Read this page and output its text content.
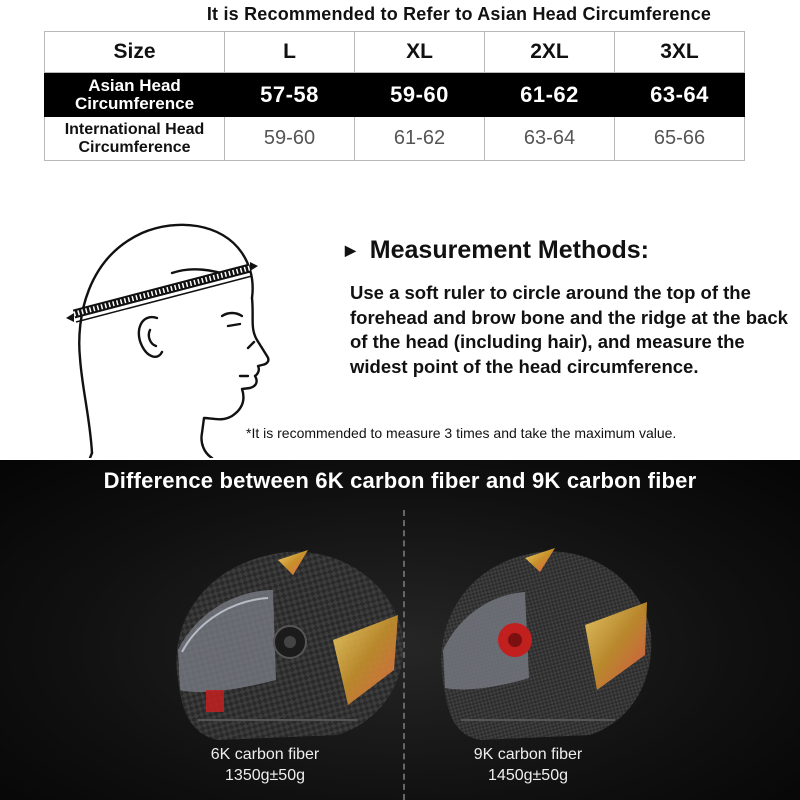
It is Recommended to Refer to Asian Head Circumference
Size	L	XL	2XL	3XL
Asian Head
Circumference	57-58	59-60	61-62	63-64
International Head
Circumference	59-60	61-62	63-64	65-66
▶ Measurement Methods:
Use a soft ruler to circle around the top of the forehead and brow bone and the ridge at the back of the head (including hair), and measure the widest point of the head circumference.
*It is recommended to measure 3 times and take the maximum value.
Difference between 6K carbon fiber and 9K carbon fiber
6K carbon fiber
1350g±50g
9K carbon fiber
1450g±50g
